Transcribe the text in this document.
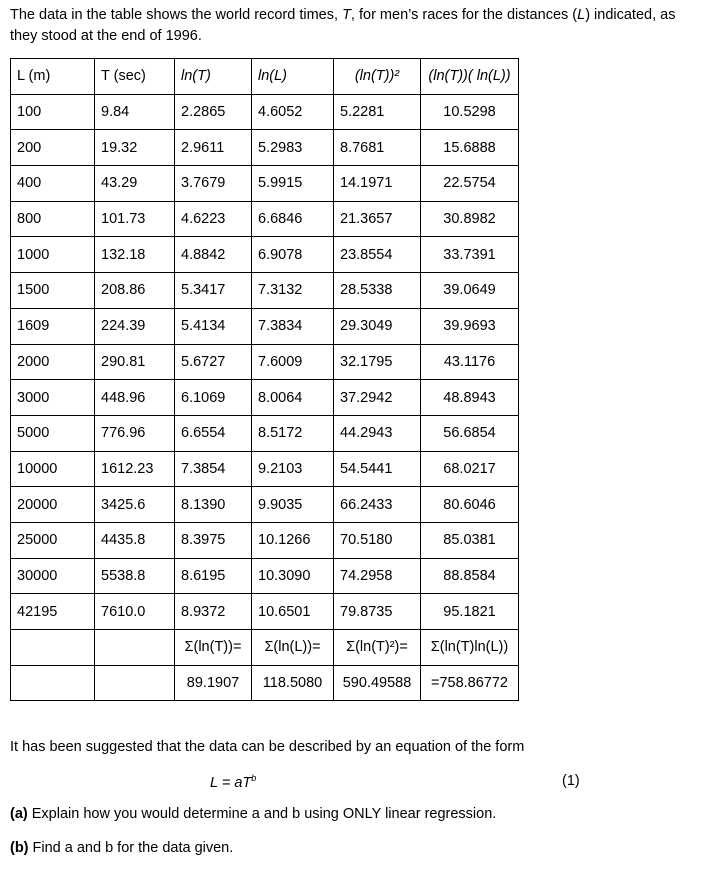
The data in the table shows the world record times, T, for men’s races for the distances (L) indicated, as they stood at the end of 1996.
L (m)	T (sec)	ln(T)	ln(L)	(ln(T))²	(ln(T))( ln(L))
100	9.84	2.2865	4.6052	5.2281	10.5298
200	19.32	2.9611	5.2983	8.7681	15.6888
400	43.29	3.7679	5.9915	14.1971	22.5754
800	101.73	4.6223	6.6846	21.3657	30.8982
1000	132.18	4.8842	6.9078	23.8554	33.7391
1500	208.86	5.3417	7.3132	28.5338	39.0649
1609	224.39	5.4134	7.3834	29.3049	39.9693
2000	290.81	5.6727	7.6009	32.1795	43.1176
3000	448.96	6.1069	8.0064	37.2942	48.8943
5000	776.96	6.6554	8.5172	44.2943	56.6854
10000	1612.23	7.3854	9.2103	54.5441	68.0217
20000	3425.6	8.1390	9.9035	66.2433	80.6046
25000	4435.8	8.3975	10.1266	70.5180	85.0381
30000	5538.8	8.6195	10.3090	74.2958	88.8584
42195	7610.0	8.9372	10.6501	79.8735	95.1821
		Σ(ln(T))=	Σ(ln(L))=	Σ(ln(T)²)=	Σ(ln(T)ln(L))
		89.1907	118.5080	590.49588	=758.86772
It has been suggested that the data can be described by an equation of the form
$L = aT^b$	(1)
(a) Explain how you would determine a and b using ONLY linear regression.
(b) Find a and b for the data given.
